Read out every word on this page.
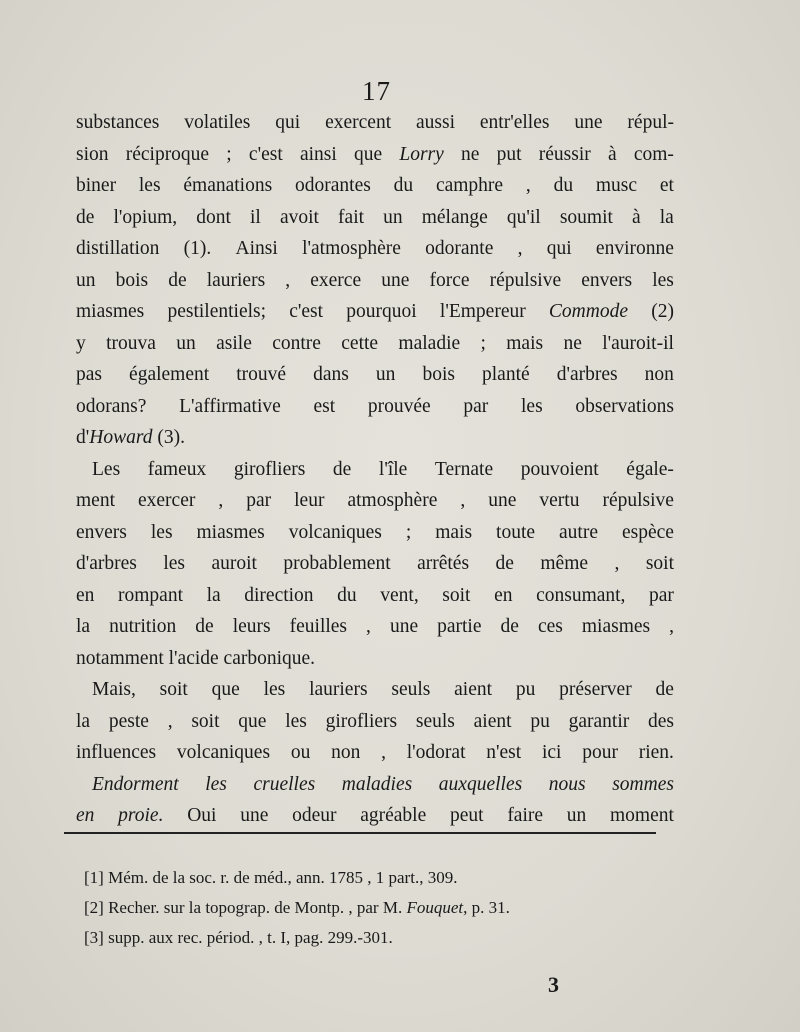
17
substances volatiles qui exercent aussi entr'elles une répul-
sion réciproque ; c'est ainsi que Lorry ne put réussir à com-
biner les émanations odorantes du camphre , du musc et
de l'opium, dont il avoit fait un mélange qu'il soumit à la
distillation (1). Ainsi l'atmosphère odorante , qui environne
un bois de lauriers , exerce une force répulsive envers les
miasmes pestilentiels; c'est pourquoi l'Empereur Commode (2)
y trouva un asile contre cette maladie ; mais ne l'auroit-il
pas également trouvé dans un bois planté d'arbres non
odorans? L'affirmative est prouvée par les observations
d' Howard (3).
Les fameux girofliers de l'île Ternate pouvoient égale-
ment exercer , par leur atmosphère , une vertu répulsive
envers les miasmes volcaniques ; mais toute autre espèce
d'arbres les auroit probablement arrêtés de même , soit
en rompant la direction du vent, soit en consumant, par
la nutrition de leurs feuilles , une partie de ces miasmes ,
notamment l'acide carbonique.
Mais, soit que les lauriers seuls aient pu préserver de
la peste , soit que les girofliers seuls aient pu garantir des
influences volcaniques ou non , l'odorat n'est ici pour rien.
Endorment les cruelles maladies auxquelles nous sommes
en proie. Oui une odeur agréable peut faire un moment
[1] Mém. de la soc. r. de méd., ann. 1785 , 1 part., 309.
[2] Recher. sur la topograp. de Montp. , par M. Fouquet, p. 31.
[3] supp. aux rec. périod. , t. I, pag. 299.-301.
3
